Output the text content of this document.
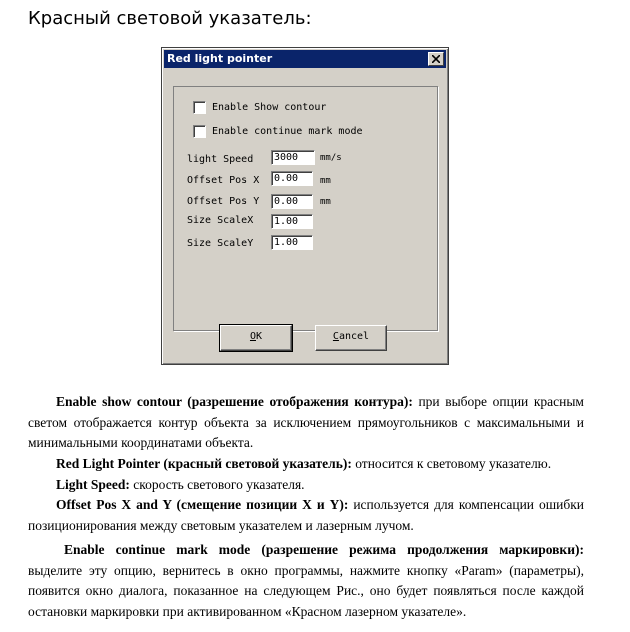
Красный световой указатель:
Red light pointer
Enable Show contour
Enable continue mark mode
light Speed	3000	mm/s
Offset Pos X	0.00	mm
Offset Pos Y	0.00	mm
Size ScaleX	1.00
Size ScaleY	1.00
OK	Cancel
Enable show contour (разрешение отображения контура): при выборе опции красным светом отображается контур объекта за исключением прямоугольников с максимальными и минимальными координатами объекта.
Red Light Pointer (красный световой указатель): относится к световому указателю.
Light Speed: скорость светового указателя.
Offset Pos X and Y (смещение позиции X и Y): используется для компенсации ошибки позиционирования между световым указателем и лазерным лучом.
Enable continue mark mode (разрешение режима продолжения маркировки): выделите эту опцию, вернитесь в окно программы, нажмите кнопку «Param» (параметры), появится окно диалога, показанное на следующем Рис., оно будет появляться после каждой остановки маркировки при активированном «Красном лазерном указателе».
